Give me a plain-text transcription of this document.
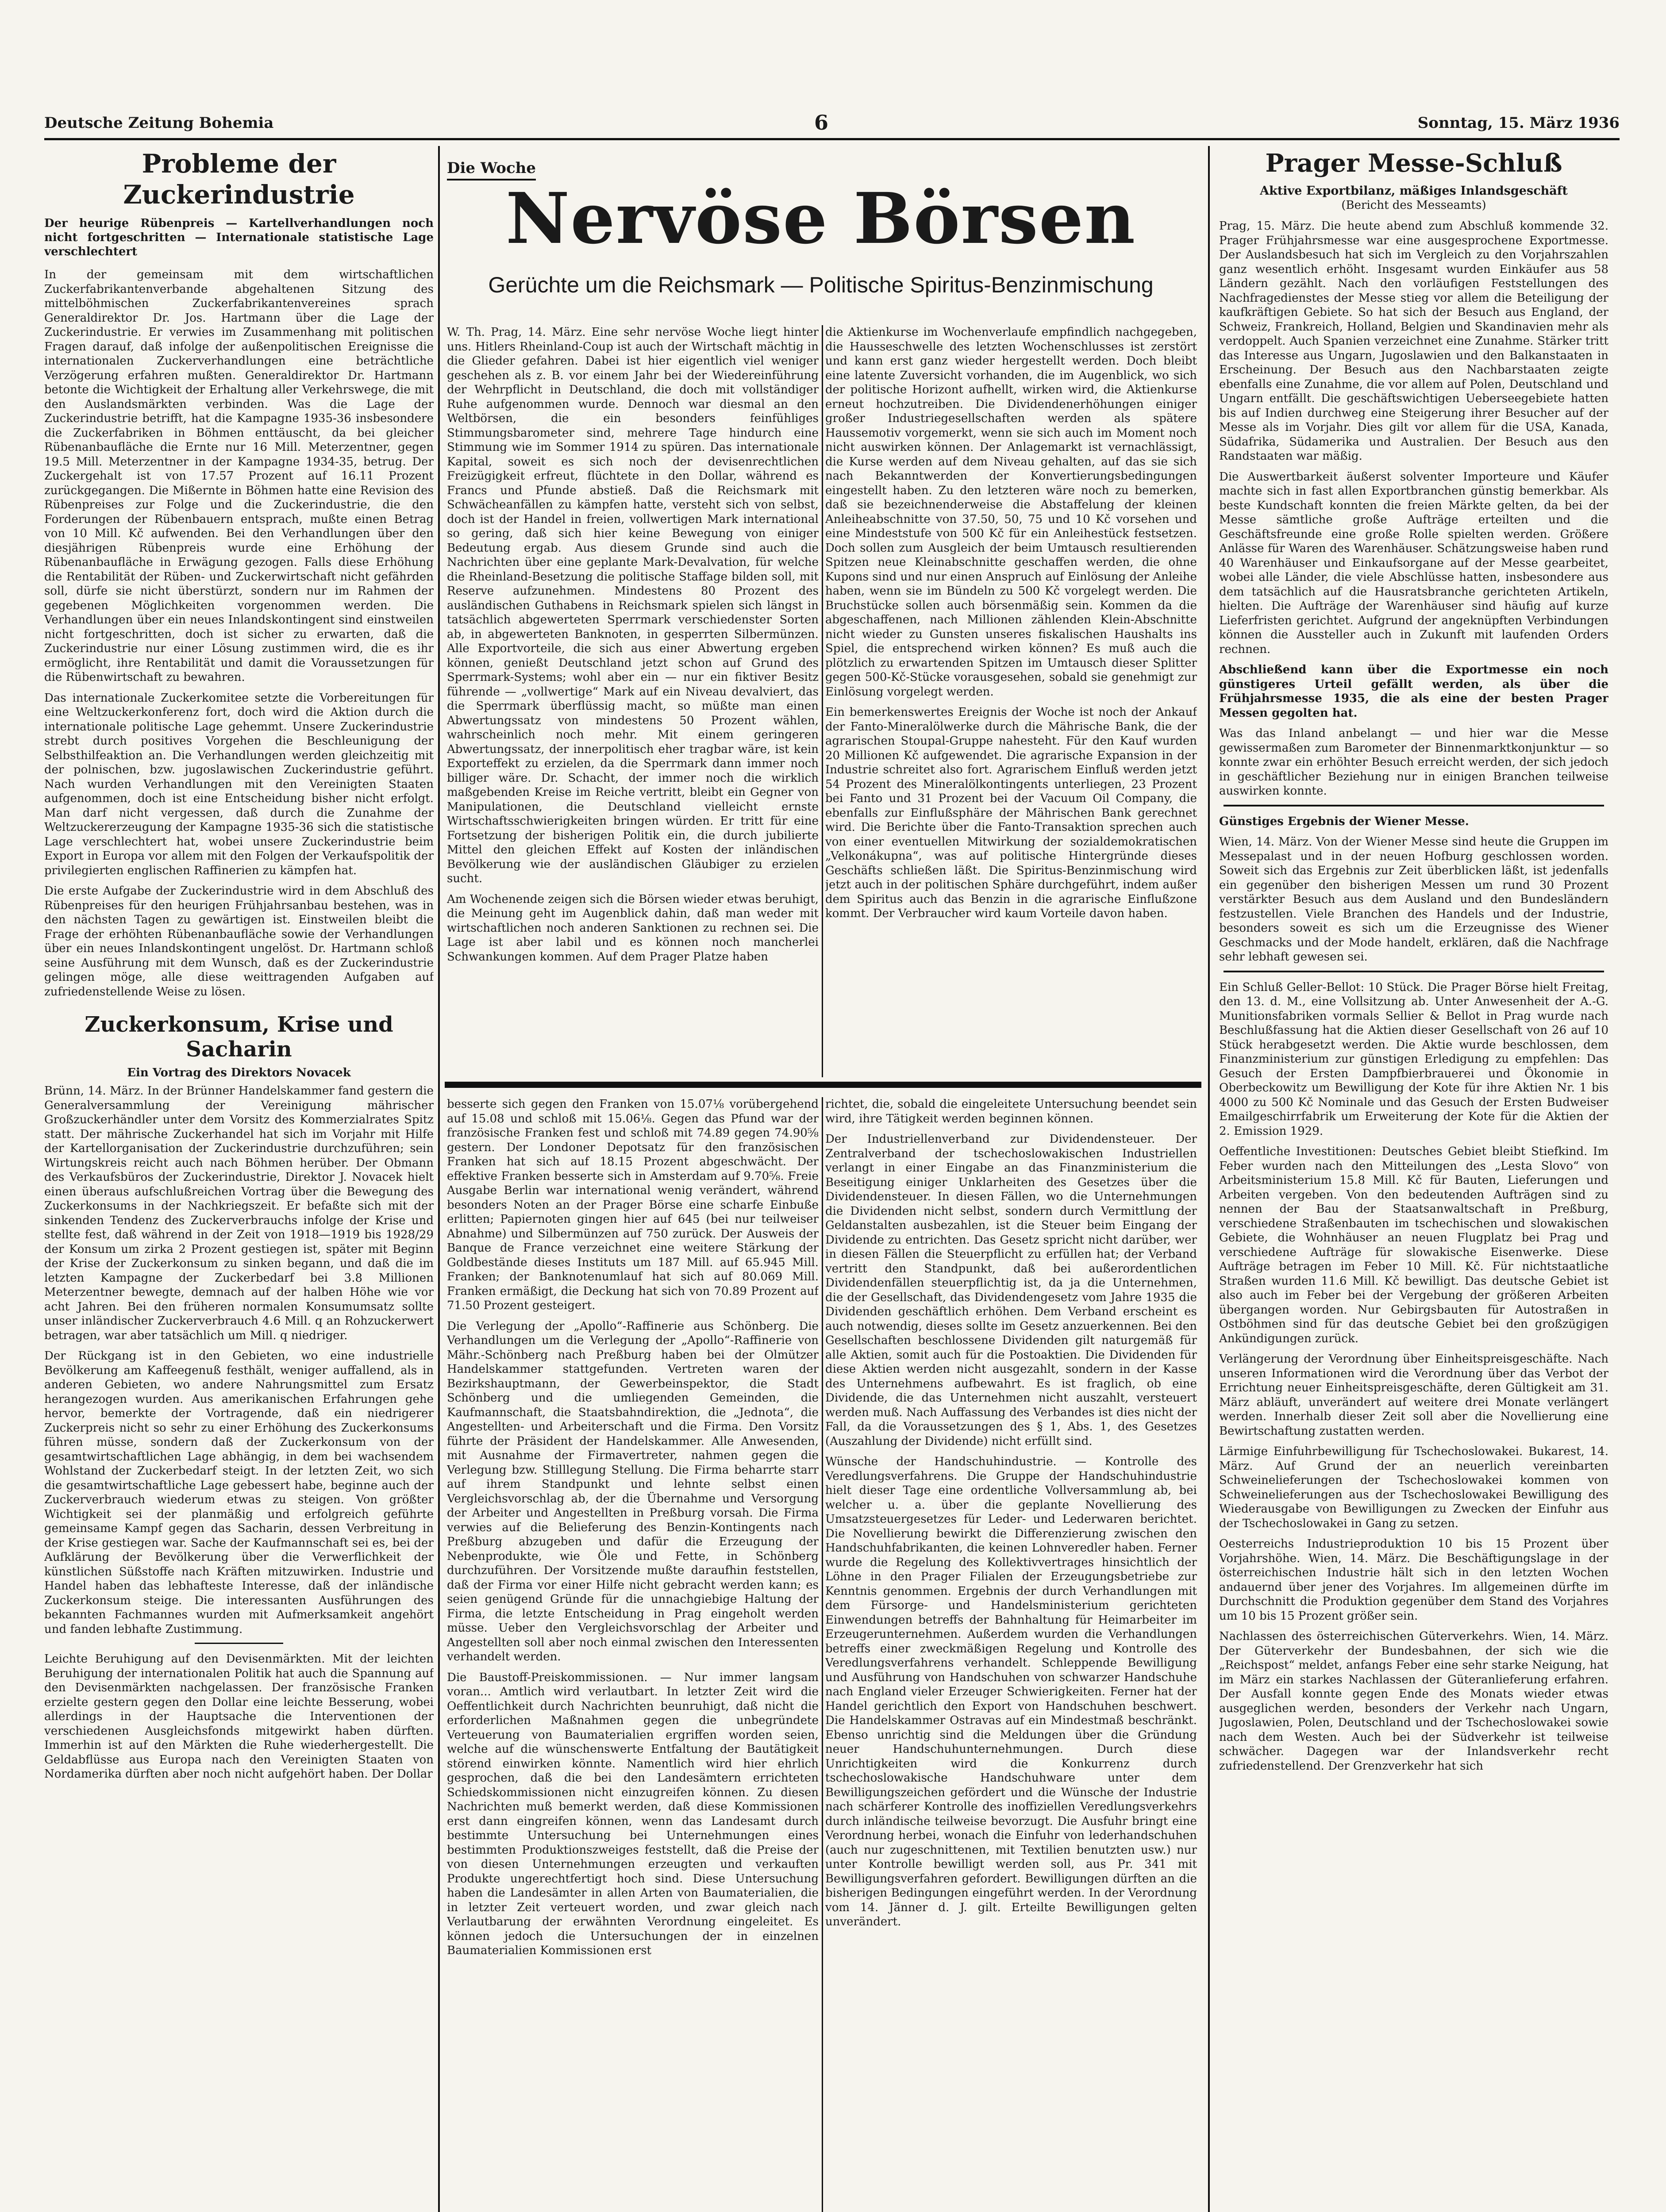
Deutsche Zeitung Bohemia	6	Sonntag, 15. März 1936
Probleme der Zuckerindustrie
Der heurige Rübenpreis — Kartellverhandlungen noch nicht fortgeschritten — Internationale statistische Lage verschlechtert

In der gemeinsam mit dem wirtschaftlichen Zuckerfabrikantenverbande abgehaltenen Sitzung des mittelböhmischen Zuckerfabrikantenvereines sprach Generaldirektor Dr. Jos. Hartmann über die Lage der Zuckerindustrie. Er verwies im Zusammenhang mit politischen Fragen darauf, daß infolge der außenpolitischen Ereignisse die internationalen Zuckerverhandlungen eine beträchtliche Verzögerung erfahren mußten. Generaldirektor Dr. Hartmann betonte die Wichtigkeit der Erhaltung aller Verkehrswege, die mit den Auslandsmärkten verbinden. Was die Lage der Zuckerindustrie betrifft, hat die Kampagne 1935-36 insbesondere die Zuckerfabriken in Böhmen enttäuscht, da bei gleicher Rübenanbaufläche die Ernte nur 16 Mill. Meterzentner, gegen 19.5 Mill. Meterzentner in der Kampagne 1934-35, betrug. Der Zuckergehalt ist von 17.57 Prozent auf 16.11 Prozent zurückgegangen. Die Mißernte in Böhmen hatte eine Revision des Rübenpreises zur Folge und die Zuckerindustrie, die den Forderungen der Rübenbauern entsprach, mußte einen Betrag von 10 Mill. Kč aufwenden. Bei den Verhandlungen über den diesjährigen Rübenpreis wurde eine Erhöhung der Rübenanbaufläche in Erwägung gezogen. Falls diese Erhöhung die Rentabilität der Rüben- und Zuckerwirtschaft nicht gefährden soll, dürfe sie nicht überstürzt, sondern nur im Rahmen der gegebenen Möglichkeiten vorgenommen werden. Die Verhandlungen über ein neues Inlandskontingent sind einstweilen nicht fortgeschritten, doch ist sicher zu erwarten, daß die Zuckerindustrie nur einer Lösung zustimmen wird, die es ihr ermöglicht, ihre Rentabilität und damit die Voraussetzungen für die Rübenwirtschaft zu bewahren.

Das internationale Zuckerkomitee setzte die Vorbereitungen für eine Weltzuckerkonferenz fort, doch wird die Aktion durch die internationale politische Lage gehemmt. Unsere Zuckerindustrie strebt durch positives Vorgehen die Beschleunigung der Selbsthilfeaktion an. Die Verhandlungen werden gleichzeitig mit der polnischen, bzw. jugoslawischen Zuckerindustrie geführt. Nach wurden Verhandlungen mit den Vereinigten Staaten aufgenommen, doch ist eine Entscheidung bisher nicht erfolgt. Man darf nicht vergessen, daß durch die Zunahme der Weltzuckererzeugung der Kampagne 1935-36 sich die statistische Lage verschlechtert hat, wobei unsere Zuckerindustrie beim Export in Europa vor allem mit den Folgen der Verkaufspolitik der privilegierten englischen Raffinerien zu kämpfen hat.

Die erste Aufgabe der Zuckerindustrie wird in dem Abschluß des Rübenpreises für den heurigen Frühjahrsanbau bestehen, was in den nächsten Tagen zu gewärtigen ist. Einstweilen bleibt die Frage der erhöhten Rübenanbaufläche sowie der Verhandlungen über ein neues Inlandskontingent ungelöst. Dr. Hartmann schloß seine Ausführung mit dem Wunsch, daß es der Zuckerindustrie gelingen möge, alle diese weittragenden Aufgaben auf zufriedenstellende Weise zu lösen.

Zuckerkonsum, Krise und Sacharin
Ein Vortrag des Direktors Novacek

Brünn, 14. März. In der Brünner Handelskammer fand gestern die Generalversammlung der Vereinigung mährischer Großzuckerhändler unter dem Vorsitz des Kommerzialrates Spitz statt. Der mährische Zuckerhandel hat sich im Vorjahr mit Hilfe der Kartellorganisation der Zuckerindustrie durchzuführen; sein Wirtungskreis reicht auch nach Böhmen herüber. Der Obmann des Verkaufsbüros der Zuckerindustrie, Direktor J. Novacek hielt einen überaus aufschlußreichen Vortrag über die Bewegung des Zuckerkonsums in der Nachkriegszeit. Er befaßte sich mit der sinkenden Tendenz des Zuckerverbrauchs infolge der Krise und stellte fest, daß während in der Zeit von 1918—1919 bis 1928/29 der Konsum um zirka 2 Prozent gestiegen ist, später mit Beginn der Krise der Zuckerkonsum zu sinken begann, und daß die im letzten Kampagne der Zuckerbedarf bei 3.8 Millionen Meterzentner bewegte, demnach auf der halben Höhe wie vor acht Jahren. Bei den früheren normalen Konsumumsatz sollte unser inländischer Zuckerverbrauch 4.6 Mill. q an Rohzuckerwert betragen, war aber tatsächlich um Mill. q niedriger.

Der Rückgang ist in den Gebieten, wo eine industrielle Bevölkerung am Kaffeegenuß festhält, weniger auffallend, als in anderen Gebieten, wo andere Nahrungsmittel zum Ersatz herangezogen wurden. Aus amerikanischen Erfahrungen gehe hervor, bemerkte der Vortragende, daß ein niedrigerer Zuckerpreis nicht so sehr zu einer Erhöhung des Zuckerkonsums führen müsse, sondern daß der Zuckerkonsum von der gesamtwirtschaftlichen Lage abhängig, in dem bei wachsendem Wohlstand der Zuckerbedarf steigt. In der letzten Zeit, wo sich die gesamtwirtschaftliche Lage gebessert habe, beginne auch der Zuckerverbrauch wiederum etwas zu steigen. Von größter Wichtigkeit sei der planmäßig und erfolgreich geführte gemeinsame Kampf gegen das Sacharin, dessen Verbreitung in der Krise gestiegen war. Sache der Kaufmannschaft sei es, bei der Aufklärung der Bevölkerung über die Verwerflichkeit der künstlichen Süßstoffe nach Kräften mitzuwirken. Industrie und Handel haben das lebhafteste Interesse, daß der inländische Zuckerkonsum steige. Die interessanten Ausführungen des bekannten Fachmannes wurden mit Aufmerksamkeit angehört und fanden lebhafte Zustimmung.

Leichte Beruhigung auf den Devisenmärkten. Mit der leichten Beruhigung der internationalen Politik hat auch die Spannung auf den Devisenmärkten nachgelassen. Der französische Franken erzielte gestern gegen den Dollar eine leichte Besserung, wobei allerdings in der Hauptsache die Interventionen der verschiedenen Ausgleichsfonds mitgewirkt haben dürften. Immerhin ist auf den Märkten die Ruhe wiederhergestellt. Die Geldabflüsse aus Europa nach den Vereinigten Staaten von Nordamerika dürften aber noch nicht aufgehört haben. Der Dollar

Die Woche
Nervöse Börsen
Gerüchte um die Reichsmark — Politische Spiritus-Benzinmischung

W. Th. Prag, 14. März. Eine sehr nervöse Woche liegt hinter uns. Hitlers Rheinland-Coup ist auch der Wirtschaft mächtig in die Glieder gefahren. Dabei ist hier eigentlich viel weniger geschehen als z. B. vor einem Jahr bei der Wiedereinführung der Wehrpflicht in Deutschland, die doch mit vollständiger Ruhe aufgenommen wurde. Dennoch war diesmal an den Weltbörsen, die ein besonders feinfühliges Stimmungsbarometer sind, mehrere Tage hindurch eine Stimmung wie im Sommer 1914 zu spüren. Das internationale Kapital, soweit es sich noch der devisenrechtlichen Freizügigkeit erfreut, flüchtete in den Dollar, während es Francs und Pfunde abstieß. Daß die Reichsmark mit Schwächeanfällen zu kämpfen hatte, versteht sich von selbst, doch ist der Handel in freien, vollwertigen Mark international so gering, daß sich hier keine Bewegung von einiger Bedeutung ergab. Aus diesem Grunde sind auch die Nachrichten über eine geplante Mark-Devalvation, für welche die Rheinland-Besetzung die politische Staffage bilden soll, mit Reserve aufzunehmen. Mindestens 80 Prozent des ausländischen Guthabens in Reichsmark spielen sich längst in tatsächlich abgewerteten Sperrmark verschiedenster Sorten ab, in abgewerteten Banknoten, in gesperrten Silbermünzen. Alle Exportvorteile, die sich aus einer Abwertung ergeben können, genießt Deutschland jetzt schon auf Grund des Sperrmark-Systems; wohl aber ein — nur ein fiktiver Besitz führende — „vollwertige“ Mark auf ein Niveau devalviert, das die Sperrmark überflüssig macht, so müßte man einen Abwertungssatz von mindestens 50 Prozent wählen, wahrscheinlich noch mehr. Mit einem geringeren Abwertungssatz, der innerpolitisch eher tragbar wäre, ist kein Exporteffekt zu erzielen, da die Sperrmark dann immer noch billiger wäre. Dr. Schacht, der immer noch die wirklich maßgebenden Kreise im Reiche vertritt, bleibt ein Gegner von Manipulationen, die Deutschland vielleicht ernste Wirtschaftsschwierigkeiten bringen würden. Er tritt für eine Fortsetzung der bisherigen Politik ein, die durch jubilierte Mittel den gleichen Effekt auf Kosten der inländischen Bevölkerung wie der ausländischen Gläubiger zu erzielen sucht.

Am Wochenende zeigen sich die Börsen wieder etwas beruhigt, die Meinung geht im Augenblick dahin, daß man weder mit wirtschaftlichen noch anderen Sanktionen zu rechnen sei. Die Lage ist aber labil und es können noch mancherlei Schwankungen kommen. Auf dem Prager Platze haben

die Aktienkurse im Wochenverlaufe empfindlich nachgegeben, die Hausseschwelle des letzten Wochenschlusses ist zerstört und kann erst ganz wieder hergestellt werden. Doch bleibt eine latente Zuversicht vorhanden, die im Augenblick, wo sich der politische Horizont aufhellt, wirken wird, die Aktienkurse erneut hochzutreiben. Die Dividendenerhöhungen einiger großer Industriegesellschaften werden als spätere Haussemotiv vorgemerkt, wenn sie sich auch im Moment noch nicht auswirken können. Der Anlagemarkt ist vernachlässigt, die Kurse werden auf dem Niveau gehalten, auf das sie sich nach Bekanntwerden der Konvertierungsbedingungen eingestellt haben. Zu den letzteren wäre noch zu bemerken, daß sie bezeichnenderweise die Abstaffelung der kleinen Anleiheabschnitte von 37.50, 50, 75 und 10 Kč vorsehen und eine Mindeststufe von 500 Kč für ein Anleihestück festsetzen. Doch sollen zum Ausgleich der beim Umtausch resultierenden Spitzen neue Kleinabschnitte geschaffen werden, die ohne Kupons sind und nur einen Anspruch auf Einlösung der Anleihe haben, wenn sie im Bündeln zu 500 Kč vorgelegt werden. Die Bruchstücke sollen auch börsenmäßig sein. Kommen da die abgeschaffenen, nach Millionen zählenden Klein-Abschnitte nicht wieder zu Gunsten unseres fiskalischen Haushalts ins Spiel, die entsprechend wirken können? Es muß auch die plötzlich zu erwartenden Spitzen im Umtausch dieser Splitter gegen 500-Kč-Stücke vorausgesehen, sobald sie genehmigt zur Einlösung vorgelegt werden.

Ein bemerkenswertes Ereignis der Woche ist noch der Ankauf der Fanto-Mineralölwerke durch die Mährische Bank, die der agrarischen Stoupal-Gruppe nahesteht. Für den Kauf wurden 20 Millionen Kč aufgewendet. Die agrarische Expansion in der Industrie schreitet also fort. Agrarischem Einfluß werden jetzt 54 Prozent des Mineralölkontingents unterliegen, 23 Prozent bei Fanto und 31 Prozent bei der Vacuum Oil Company, die ebenfalls zur Einflußsphäre der Mährischen Bank gerechnet wird. Die Berichte über die Fanto-Transaktion sprechen auch von einer eventuellen Mitwirkung der sozialdemokratischen „Velkonákupna“, was auf politische Hintergründe dieses Geschäfts schließen läßt. Die Spiritus-Benzinmischung wird jetzt auch in der politischen Sphäre durchgeführt, indem außer dem Spiritus auch das Benzin in die agrarische Einflußzone kommt. Der Verbraucher wird kaum Vorteile davon haben.

besserte sich gegen den Franken von 15.07⅛ vorübergehend auf 15.08 und schloß mit 15.06⅛. Gegen das Pfund war der französische Franken fest und schloß mit 74.89 gegen 74.90⅝ gestern. Der Londoner Depotsatz für den französischen Franken hat sich auf 18.15 Prozent abgeschwächt. Der effektive Franken besserte sich in Amsterdam auf 9.70⅝. Freie Ausgabe Berlin war international wenig verändert, während besonders Noten an der Prager Börse eine scharfe Einbuße erlitten; Papiernoten gingen hier auf 645 (bei nur teilweiser Abnahme) und Silbermünzen auf 750 zurück. Der Ausweis der Banque de France verzeichnet eine weitere Stärkung der Goldbestände dieses Instituts um 187 Mill. auf 65.945 Mill. Franken; der Banknotenumlauf hat sich auf 80.069 Mill. Franken ermäßigt, die Deckung hat sich von 70.89 Prozent auf 71.50 Prozent gesteigert.

Die Verlegung der „Apollo“-Raffinerie aus Schönberg. Die Verhandlungen um die Verlegung der „Apollo“-Raffinerie von Mähr.-Schönberg nach Preßburg haben bei der Olmützer Handelskammer stattgefunden. Vertreten waren der Bezirkshauptmann, der Gewerbeinspektor, die Stadt Schönberg und die umliegenden Gemeinden, die Kaufmannschaft, die Staatsbahndirektion, die „Jednota“, die Angestellten- und Arbeiterschaft und die Firma. Den Vorsitz führte der Präsident der Handelskammer. Alle Anwesenden, mit Ausnahme der Firmavertreter, nahmen gegen die Verlegung bzw. Stilllegung Stellung. Die Firma beharrte starr auf ihrem Standpunkt und lehnte selbst einen Vergleichsvorschlag ab, der die Übernahme und Versorgung der Arbeiter und Angestellten in Preßburg vorsah. Die Firma verwies auf die Belieferung des Benzin-Kontingents nach Preßburg abzugeben und dafür die Erzeugung der Nebenprodukte, wie Öle und Fette, in Schönberg durchzuführen. Der Vorsitzende mußte daraufhin feststellen, daß der Firma vor einer Hilfe nicht gebracht werden kann; es seien genügend Gründe für die unnachgiebige Haltung der Firma, die letzte Entscheidung in Prag eingeholt werden müsse. Ueber den Vergleichsvorschlag der Arbeiter und Angestellten soll aber noch einmal zwischen den Interessenten verhandelt werden.

Die Baustoff-Preiskommissionen. — Nur immer langsam voran... Amtlich wird verlautbart. In letzter Zeit wird die Oeffentlichkeit durch Nachrichten beunruhigt, daß nicht die erforderlichen Maßnahmen gegen die unbegründete Verteuerung von Baumaterialien ergriffen worden seien, welche auf die wünschenswerte Entfaltung der Bautätigkeit störend einwirken könnte. Namentlich wird hier ehrlich gesprochen, daß die bei den Landesämtern errichteten Schiedskommissionen nicht einzugreifen können. Zu diesen Nachrichten muß bemerkt werden, daß diese Kommissionen erst dann eingreifen können, wenn das Landesamt durch bestimmte Untersuchung bei Unternehmungen eines bestimmten Produktionszweiges feststellt, daß die Preise der von diesen Unternehmungen erzeugten und verkauften Produkte ungerechtfertigt hoch sind. Diese Untersuchung haben die Landesämter in allen Arten von Baumaterialien, die in letzter Zeit verteuert worden, und zwar gleich nach Verlautbarung der erwähnten Verordnung eingeleitet. Es können jedoch die Untersuchungen der in einzelnen Baumaterialien Kommissionen erst

richtet, die, sobald die eingeleitete Untersuchung beendet sein wird, ihre Tätigkeit werden beginnen können.

Der Industriellenverband zur Dividendensteuer. Der Zentralverband der tschechoslowakischen Industriellen verlangt in einer Eingabe an das Finanzministerium die Beseitigung einiger Unklarheiten des Gesetzes über die Dividendensteuer. In diesen Fällen, wo die Unternehmungen die Dividenden nicht selbst, sondern durch Vermittlung der Geldanstalten ausbezahlen, ist die Steuer beim Eingang der Dividende zu entrichten. Das Gesetz spricht nicht darüber, wer in diesen Fällen die Steuerpflicht zu erfüllen hat; der Verband vertritt den Standpunkt, daß bei außerordentlichen Dividendenfällen steuerpflichtig ist, da ja die Unternehmen, die der Gesellschaft, das Dividendengesetz vom Jahre 1935 die Dividenden geschäftlich erhöhen. Dem Verband erscheint es auch notwendig, dieses sollte im Gesetz anzuerkennen. Bei den Gesellschaften beschlossene Dividenden gilt naturgemäß für alle Aktien, somit auch für die Postoaktien. Die Dividenden für diese Aktien werden nicht ausgezahlt, sondern in der Kasse des Unternehmens aufbewahrt. Es ist fraglich, ob eine Dividende, die das Unternehmen nicht auszahlt, versteuert werden muß. Nach Auffassung des Verbandes ist dies nicht der Fall, da die Voraussetzungen des § 1, Abs. 1, des Gesetzes (Auszahlung der Dividende) nicht erfüllt sind.

Wünsche der Handschuhindustrie. — Kontrolle des Veredlungsverfahrens. Die Gruppe der Handschuhindustrie hielt dieser Tage eine ordentliche Vollversammlung ab, bei welcher u. a. über die geplante Novellierung des Umsatzsteuergesetzes für Leder- und Lederwaren berichtet. Die Novellierung bewirkt die Differenzierung zwischen den Handschuhfabrikanten, die keinen Lohnveredler haben. Ferner wurde die Regelung des Kollektivvertrages hinsichtlich der Löhne in den Prager Filialen der Erzeugungsbetriebe zur Kenntnis genommen. Ergebnis der durch Verhandlungen mit dem Fürsorge- und Handelsministerium gerichteten Einwendungen betreffs der Bahnhaltung für Heimarbeiter im Erzeugerunternehmen. Außerdem wurden die Verhandlungen betreffs einer zweckmäßigen Regelung und Kontrolle des Veredlungsverfahrens verhandelt. Schleppende Bewilligung und Ausführung von Handschuhen von schwarzer Handschuhe nach England vieler Erzeuger Schwierigkeiten. Ferner hat der Handel gerichtlich den Export von Handschuhen beschwert. Die Handelskammer Ostravas auf ein Mindestmaß beschränkt. Ebenso unrichtig sind die Meldungen über die Gründung neuer Handschuhunternehmungen. Durch diese Unrichtigkeiten wird die Konkurrenz durch tschechoslowakische Handschuhware unter dem Bewilligungszeichen gefördert und die Wünsche der Industrie nach schärferer Kontrolle des inoffiziellen Veredlungsverkehrs durch inländische teilweise bevorzugt. Die Ausfuhr bringt eine Verordnung herbei, wonach die Einfuhr von lederhandschuhen (auch nur zugeschnittenen, mit Textilien benutzten usw.) nur unter Kontrolle bewilligt werden soll, aus Pr. 341 mit Bewilligungsverfahren gefordert. Bewilligungen dürften an die bisherigen Bedingungen eingeführt werden. In der Verordnung vom 14. Jänner d. J. gilt. Erteilte Bewilligungen gelten unverändert.

Prager Messe-Schluß
Aktive Exportbilanz, mäßiges Inlandsgeschäft
(Bericht des Messeamts)

Prag, 15. März. Die heute abend zum Abschluß kommende 32. Prager Frühjahrsmesse war eine ausgesprochene Exportmesse. Der Auslandsbesuch hat sich im Vergleich zu den Vorjahrszahlen ganz wesentlich erhöht. Insgesamt wurden Einkäufer aus 58 Ländern gezählt. Nach den vorläufigen Feststellungen des Nachfragedienstes der Messe stieg vor allem die Beteiligung der kaufkräftigen Gebiete. So hat sich der Besuch aus England, der Schweiz, Frankreich, Holland, Belgien und Skandinavien mehr als verdoppelt. Auch Spanien verzeichnet eine Zunahme. Stärker tritt das Interesse aus Ungarn, Jugoslawien und den Balkanstaaten in Erscheinung. Der Besuch aus den Nachbarstaaten zeigte ebenfalls eine Zunahme, die vor allem auf Polen, Deutschland und Ungarn entfällt. Die geschäftswichtigen Ueberseegebiete hatten bis auf Indien durchweg eine Steigerung ihrer Besucher auf der Messe als im Vorjahr. Dies gilt vor allem für die USA, Kanada, Südafrika, Südamerika und Australien. Der Besuch aus den Randstaaten war mäßig.

Die Auswertbarkeit äußerst solventer Importeure und Käufer machte sich in fast allen Exportbranchen günstig bemerkbar. Als beste Kundschaft konnten die freien Märkte gelten, da bei der Messe sämtliche große Aufträge erteilten und die Geschäftsfreunde eine große Rolle spielten werden. Größere Anlässe für Waren des Warenhäuser. Schätzungsweise haben rund 40 Warenhäuser und Einkaufsorgane auf der Messe gearbeitet, wobei alle Länder, die viele Abschlüsse hatten, insbesondere aus dem tatsächlich auf die Hausratsbranche gerichteten Artikeln, hielten. Die Aufträge der Warenhäuser sind häufig auf kurze Lieferfristen gerichtet. Aufgrund der angeknüpften Verbindungen können die Aussteller auch in Zukunft mit laufenden Orders rechnen.

Abschließend kann über die Exportmesse ein noch günstigeres Urteil gefällt werden, als über die Frühjahrsmesse 1935, die als eine der besten Prager Messen gegolten hat.

Was das Inland anbelangt — und hier war die Messe gewissermaßen zum Barometer der Binnenmarktkonjunktur — so konnte zwar ein erhöhter Besuch erreicht werden, der sich jedoch in geschäftlicher Beziehung nur in einigen Branchen teilweise auswirken konnte.

Günstiges Ergebnis der Wiener Messe.

Wien, 14. März. Von der Wiener Messe sind heute die Gruppen im Messepalast und in der neuen Hofburg geschlossen worden. Soweit sich das Ergebnis zur Zeit überblicken läßt, ist jedenfalls ein gegenüber den bisherigen Messen um rund 30 Prozent verstärkter Besuch aus dem Ausland und den Bundesländern festzustellen. Viele Branchen des Handels und der Industrie, besonders soweit es sich um die Erzeugnisse des Wiener Geschmacks und der Mode handelt, erklären, daß die Nachfrage sehr lebhaft gewesen sei.

Ein Schluß Geller-Bellot: 10 Stück. Die Prager Börse hielt Freitag, den 13. d. M., eine Vollsitzung ab. Unter Anwesenheit der A.-G. Munitionsfabriken vormals Sellier & Bellot in Prag wurde nach Beschlußfassung hat die Aktien dieser Gesellschaft von 26 auf 10 Stück herabgesetzt werden. Die Aktie wurde beschlossen, dem Finanzministerium zur günstigen Erledigung zu empfehlen: Das Gesuch der Ersten Dampfbierbrauerei und Ökonomie in Oberbeckowitz um Bewilligung der Kote für ihre Aktien Nr. 1 bis 4000 zu 500 Kč Nominale und das Gesuch der Ersten Budweiser Emailgeschirrfabrik um Erweiterung der Kote für die Aktien der 2. Emission 1929.

Oeffentliche Investitionen: Deutsches Gebiet bleibt Stiefkind. Im Feber wurden nach den Mitteilungen des „Lesta Slovo“ von Arbeitsministerium 15.8 Mill. Kč für Bauten, Lieferungen und Arbeiten vergeben. Von den bedeutenden Aufträgen sind zu nennen der Bau der Staatsanwaltschaft in Preßburg, verschiedene Straßenbauten im tschechischen und slowakischen Gebiete, die Wohnhäuser an neuen Flugplatz bei Prag und verschiedene Aufträge für slowakische Eisenwerke. Diese Aufträge betragen im Feber 10 Mill. Kč. Für nichtstaatliche Straßen wurden 11.6 Mill. Kč bewilligt. Das deutsche Gebiet ist also auch im Feber bei der Vergebung der größeren Arbeiten übergangen worden. Nur Gebirgsbauten für Autostraßen in Ostböhmen sind für das deutsche Gebiet bei den großzügigen Ankündigungen zurück.

Verlängerung der Verordnung über Einheitspreisgeschäfte. Nach unseren Informationen wird die Verordnung über das Verbot der Errichtung neuer Einheitspreisgeschäfte, deren Gültigkeit am 31. März abläuft, unverändert auf weitere drei Monate verlängert werden. Innerhalb dieser Zeit soll aber die Novellierung eine Bewirtschaftung zustatten werden.

Lärmige Einfuhrbewilligung für Tschechoslowakei. Bukarest, 14. März. Auf Grund der an neuerlich vereinbarten Schweinelieferungen der Tschechoslowakei kommen von Schweinelieferungen aus der Tschechoslowakei Bewilligung des Wiederausgabe von Bewilligungen zu Zwecken der Einfuhr aus der Tschechoslowakei in Gang zu setzen.

Oesterreichs Industrieproduktion 10 bis 15 Prozent über Vorjahrshöhe. Wien, 14. März. Die Beschäftigungslage in der österreichischen Industrie hält sich in den letzten Wochen andauernd über jener des Vorjahres. Im allgemeinen dürfte im Durchschnitt die Produktion gegenüber dem Stand des Vorjahres um 10 bis 15 Prozent größer sein.

Nachlassen des österreichischen Güterverkehrs. Wien, 14. März. Der Güterverkehr der Bundesbahnen, der sich wie die „Reichspost“ meldet, anfangs Feber eine sehr starke Neigung, hat im März ein starkes Nachlassen der Güteranlieferung erfahren. Der Ausfall konnte gegen Ende des Monats wieder etwas ausgeglichen werden, besonders der Verkehr nach Ungarn, Jugoslawien, Polen, Deutschland und der Tschechoslowakei sowie nach dem Westen. Auch bei der Südverkehr ist teilweise schwächer. Dagegen war der Inlandsverkehr recht zufriedenstellend. Der Grenzverkehr hat sich
